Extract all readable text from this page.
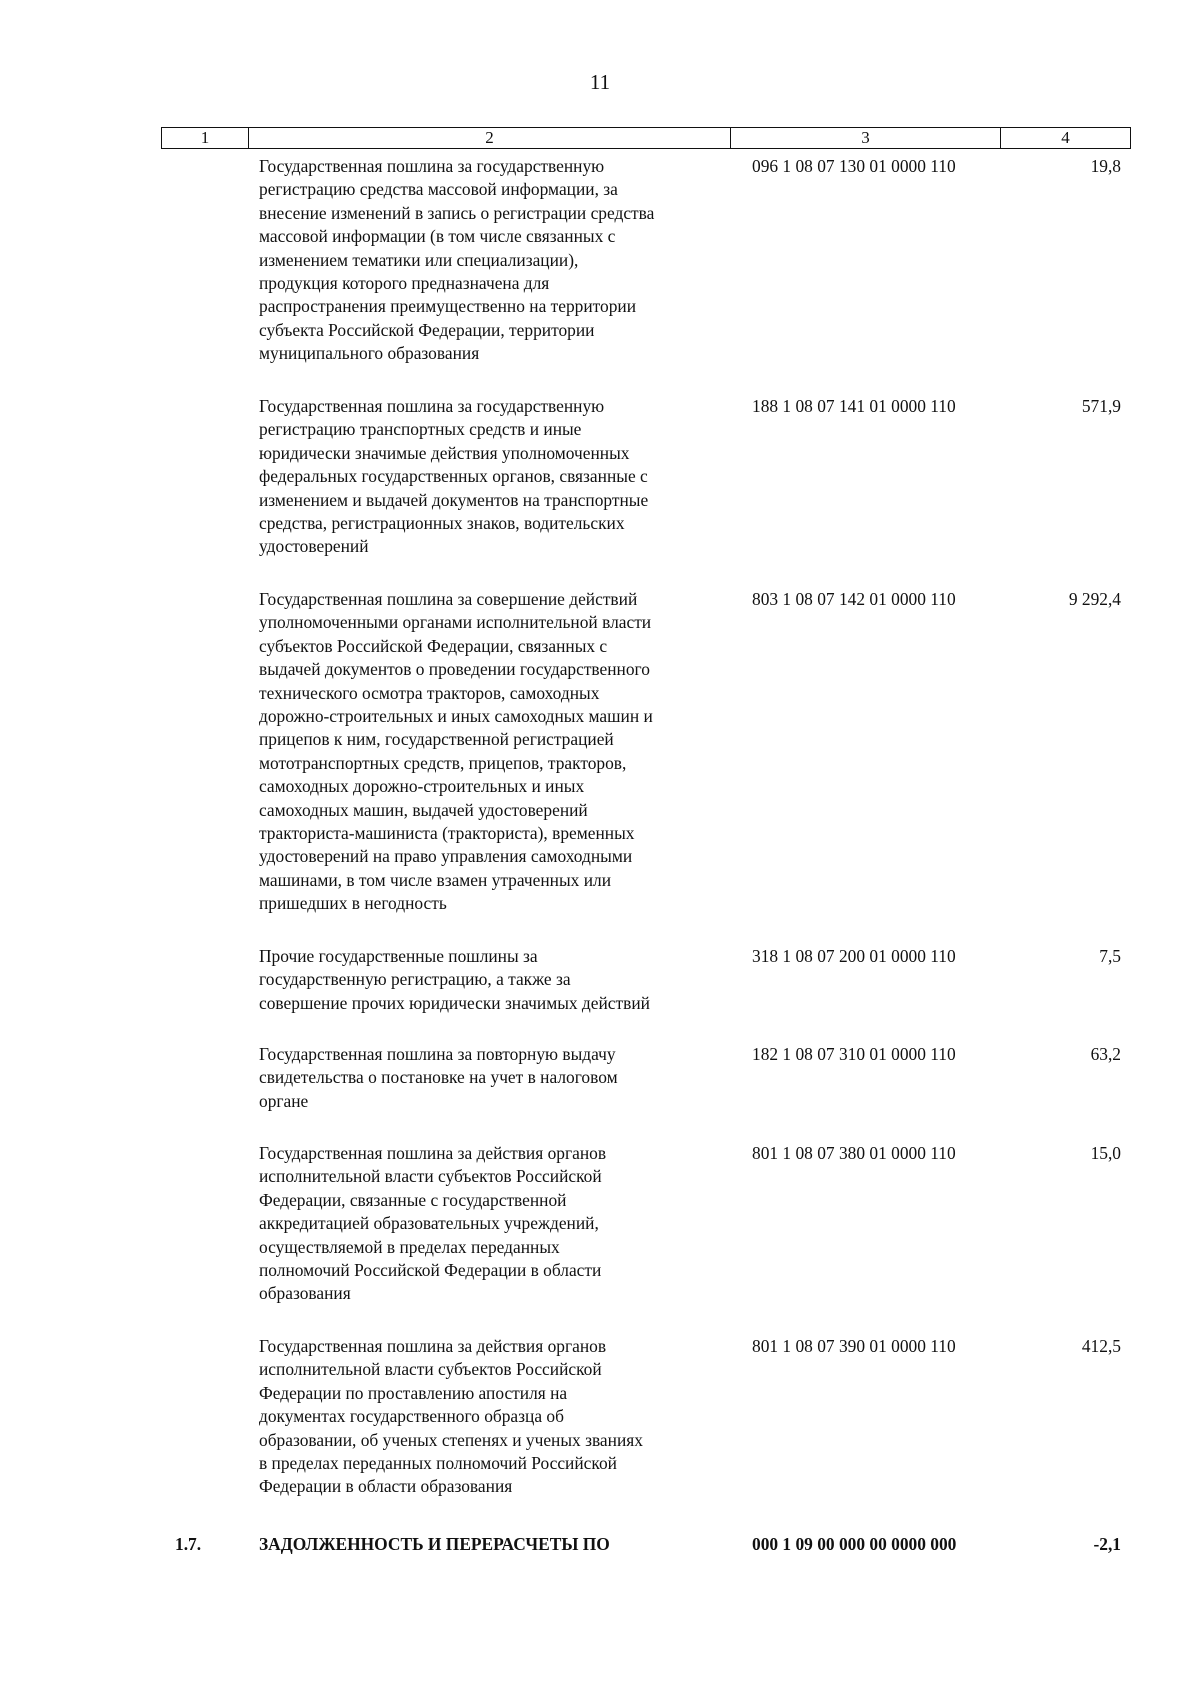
11
1	2	3	4
Государственная пошлина за государственную
регистрацию средства массовой информации, за
внесение изменений в запись о регистрации средства
массовой информации (в том числе связанных с
изменением тематики или специализации),
продукция которого предназначена для
распространения преимущественно на территории
субъекта Российской Федерации, территории
муниципального образования
096 1 08 07 130 01 0000 110	19,8
Государственная пошлина за государственную
регистрацию транспортных средств и иные
юридически значимые действия уполномоченных
федеральных государственных органов, связанные с
изменением и выдачей документов на транспортные
средства, регистрационных знаков, водительских
удостоверений
188 1 08 07 141 01 0000 110	571,9
Государственная пошлина за совершение действий
уполномоченными органами исполнительной власти
субъектов Российской Федерации, связанных с
выдачей документов о проведении государственного
технического осмотра тракторов, самоходных
дорожно-строительных и иных самоходных машин и
прицепов к ним, государственной регистрацией
мототранспортных средств, прицепов, тракторов,
самоходных дорожно-строительных и иных
самоходных машин, выдачей удостоверений
тракториста-машиниста (тракториста), временных
удостоверений на право управления самоходными
машинами, в том числе взамен утраченных или
пришедших в негодность
803 1 08 07 142 01 0000 110	9 292,4
Прочие государственные пошлины за
государственную регистрацию, а также за
совершение прочих юридически значимых действий
318 1 08 07 200 01 0000 110	7,5
Государственная пошлина за повторную выдачу
свидетельства о постановке на учет в налоговом
органе
182 1 08 07 310 01 0000 110	63,2
Государственная пошлина за действия органов
исполнительной власти субъектов Российской
Федерации, связанные с государственной
аккредитацией образовательных учреждений,
осуществляемой в пределах переданных
полномочий Российской Федерации в области
образования
801 1 08 07 380 01 0000 110	15,0
Государственная пошлина за действия органов
исполнительной власти субъектов Российской
Федерации по проставлению апостиля на
документах государственного образца об
образовании, об ученых степенях и ученых званиях
в пределах переданных полномочий Российской
Федерации в области образования
801 1 08 07 390 01 0000 110	412,5
1.7.	ЗАДОЛЖЕННОСТЬ И ПЕРЕРАСЧЕТЫ ПО	000 1 09 00 000 00 0000 000	-2,1
